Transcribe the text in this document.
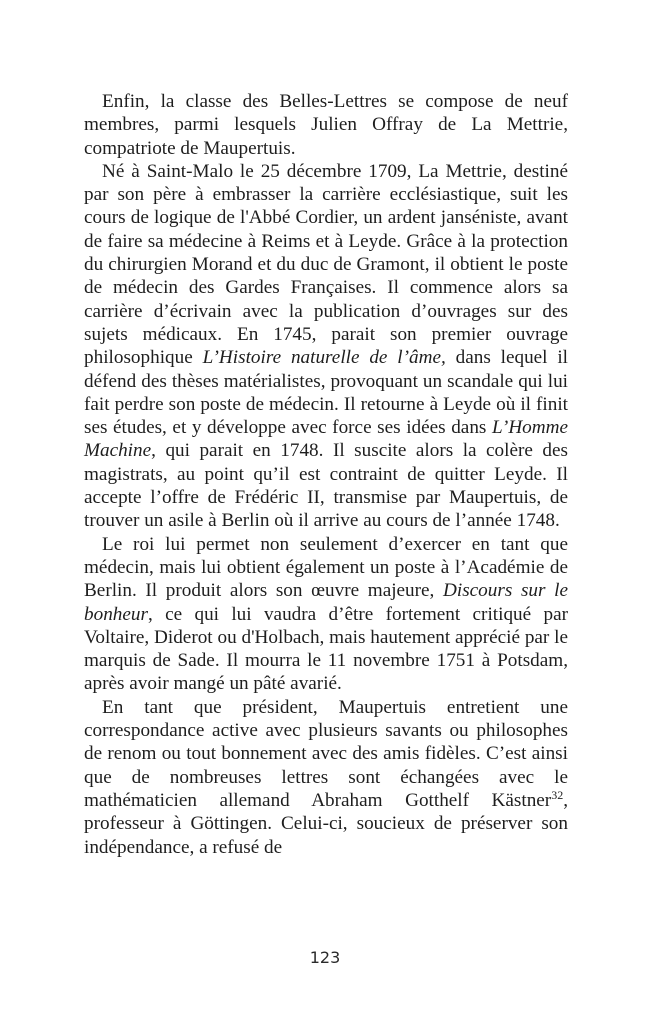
Enfin, la classe des Belles-Lettres se compose de neuf membres, parmi lesquels Julien Offray de La Mettrie, compatriote de Maupertuis.

Né à Saint-Malo le 25 décembre 1709, La Mettrie, destiné par son père à embrasser la carrière ecclésiastique, suit les cours de logique de l'Abbé Cordier, un ardent janséniste, avant de faire sa médecine à Reims et à Leyde. Grâce à la protection du chirurgien Morand et du duc de Gramont, il obtient le poste de médecin des Gardes Françaises. Il commence alors sa carrière d’écrivain avec la publication d’ouvrages sur des sujets médicaux. En 1745, parait son premier ouvrage philosophique L’Histoire naturelle de l’âme, dans lequel il défend des thèses matérialistes, provoquant un scandale qui lui fait perdre son poste de médecin. Il retourne à Leyde où il finit ses études, et y développe avec force ses idées dans L’Homme Machine, qui parait en 1748. Il suscite alors la colère des magistrats, au point qu’il est contraint de quitter Leyde. Il accepte l’offre de Frédéric II, transmise par Maupertuis, de trouver un asile à Berlin où il arrive au cours de l’année 1748.

Le roi lui permet non seulement d’exercer en tant que médecin, mais lui obtient également un poste à l’Académie de Berlin. Il produit alors son œuvre majeure, Discours sur le bonheur, ce qui lui vaudra d’être fortement critiqué par Voltaire, Diderot ou d'Holbach, mais hautement apprécié par le marquis de Sade. Il mourra le 11 novembre 1751 à Potsdam, après avoir mangé un pâté avarié.

En tant que président, Maupertuis entretient une correspondance active avec plusieurs savants ou philosophes de renom ou tout bonnement avec des amis fidèles. C’est ainsi que de nombreuses lettres sont échangées avec le mathématicien allemand Abraham Gotthelf Kästner$^{32}$, professeur à Göttingen. Celui-ci, soucieux de préserver son indépendance, a refusé de

123
